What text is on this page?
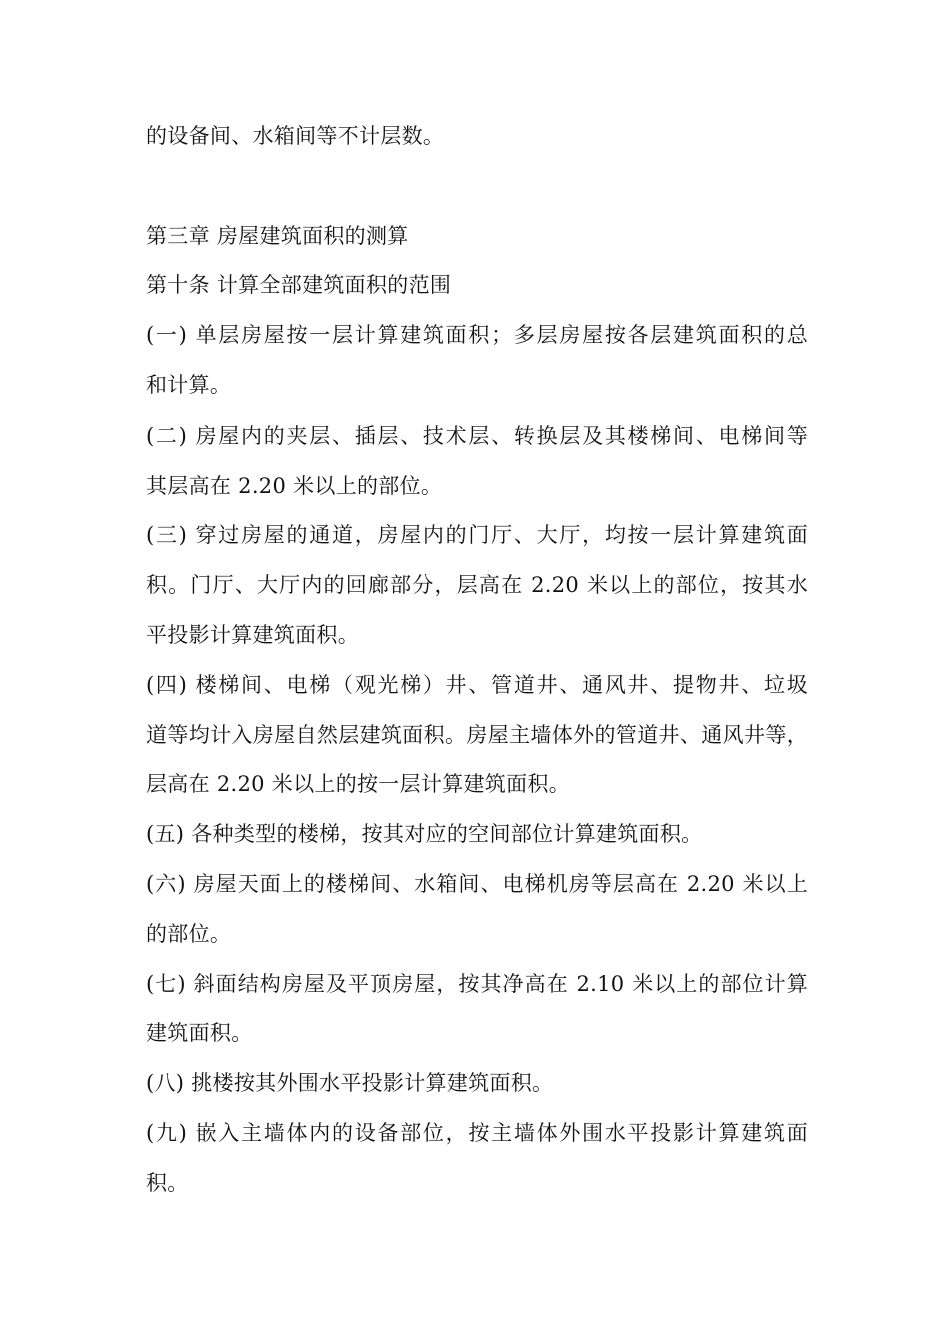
的设备间、水箱间等不计层数。
第三章 房屋建筑面积的测算
第十条 计算全部建筑面积的范围
(一) 单层房屋按一层计算建筑面积；多层房屋按各层建筑面积的总
和计算。
(二) 房屋内的夹层、插层、技术层、转换层及其楼梯间、电梯间等
其层高在 2.20 米以上的部位。
(三) 穿过房屋的通道，房屋内的门厅、大厅，均按一层计算建筑面
积。门厅、大厅内的回廊部分，层高在 2.20 米以上的部位，按其水
平投影计算建筑面积。
(四) 楼梯间、电梯（观光梯）井、管道井、通风井、提物井、垃圾
道等均计入房屋自然层建筑面积。房屋主墙体外的管道井、通风井等，
层高在 2.20 米以上的按一层计算建筑面积。
(五) 各种类型的楼梯，按其对应的空间部位计算建筑面积。
(六) 房屋天面上的楼梯间、水箱间、电梯机房等层高在 2.20 米以上
的部位。
(七) 斜面结构房屋及平顶房屋，按其净高在 2.10 米以上的部位计算
建筑面积。
(八) 挑楼按其外围水平投影计算建筑面积。
(九) 嵌入主墙体内的设备部位，按主墙体外围水平投影计算建筑面
积。
